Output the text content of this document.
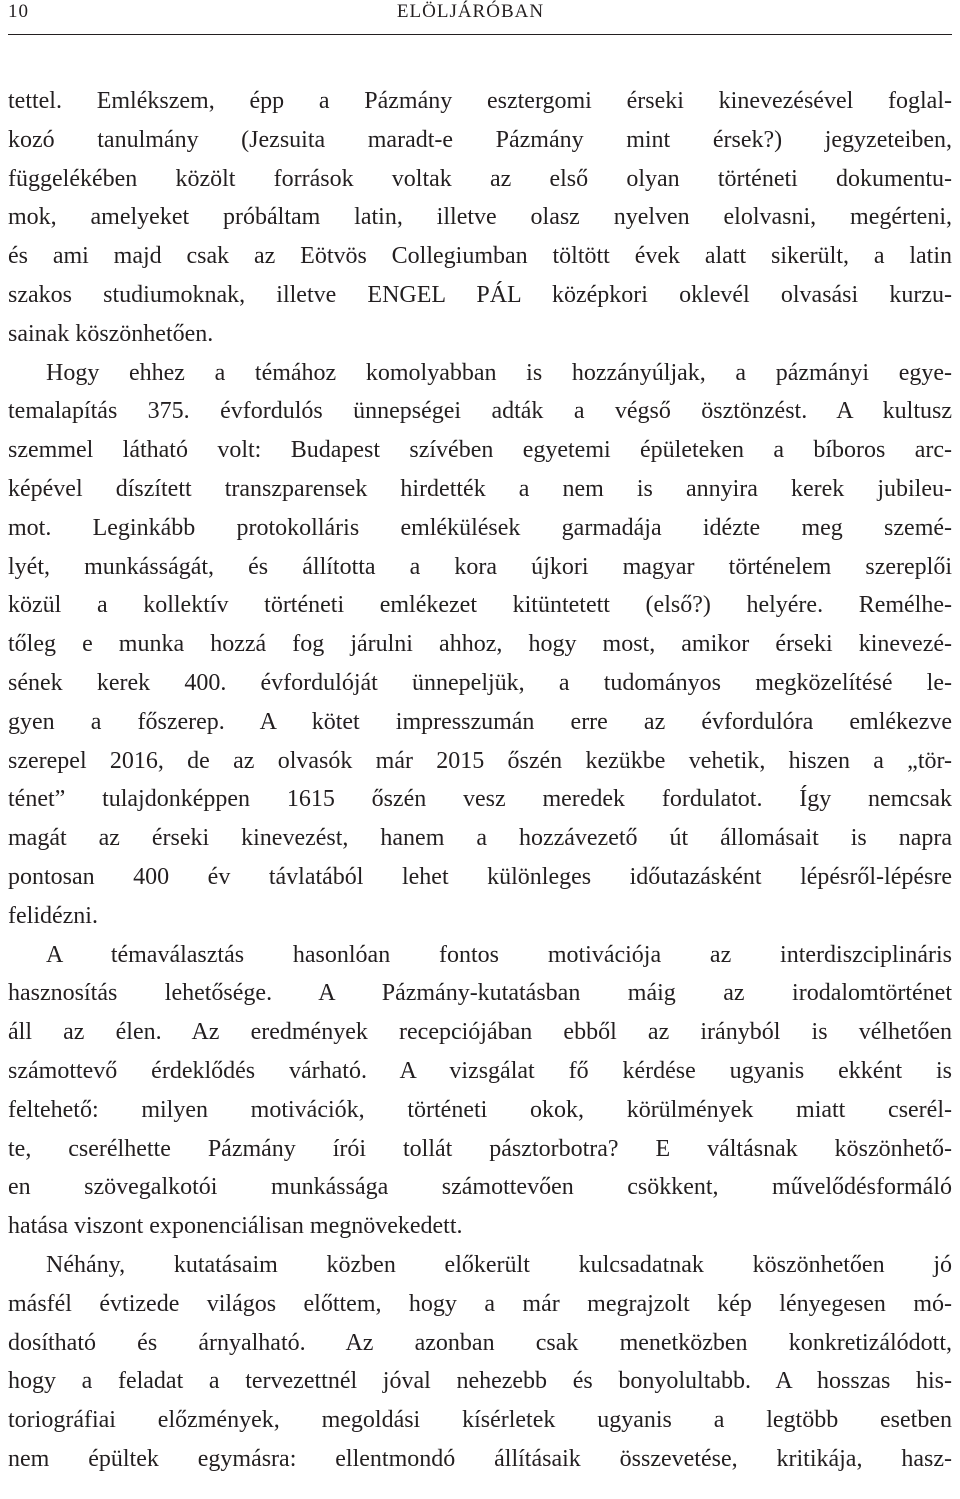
10	ELÖLJÁRÓBAN
tettel. Emlékszem, épp a Pázmány esztergomi érseki kinevezésével foglal-
kozó tanulmány (Jezsuita maradt-e Pázmány mint érsek?) jegyzeteiben,
függelékében közölt források voltak az első olyan történeti dokumentu-
mok, amelyeket próbáltam latin, illetve olasz nyelven elolvasni, megérteni,
és ami majd csak az Eötvös Collegiumban töltött évek alatt sikerült, a latin
szakos studiumoknak, illetve ENGEL PÁL középkori oklevél olvasási kurzu-
sainak köszönhetően.
Hogy ehhez a témához komolyabban is hozzányúljak, a pázmányi egye-
temalapítás 375. évfordulós ünnepségei adták a végső ösztönzést. A kultusz
szemmel látható volt: Budapest szívében egyetemi épületeken a bíboros arc-
képével díszített transzparensek hirdették a nem is annyira kerek jubileu-
mot. Leginkább protokolláris emlékülések garmadája idézte meg szemé-
lyét, munkásságát, és állította a kora újkori magyar történelem szereplői
közül a kollektív történeti emlékezet kitüntetett (első?) helyére. Remélhe-
tőleg e munka hozzá fog járulni ahhoz, hogy most, amikor érseki kinevezé-
sének kerek 400. évfordulóját ünnepeljük, a tudományos megközelítésé le-
gyen a főszerep. A kötet impresszumán erre az évfordulóra emlékezve
szerepel 2016, de az olvasók már 2015 őszén kezükbe vehetik, hiszen a „tör-
ténet” tulajdonképpen 1615 őszén vesz meredek fordulatot. Így nemcsak
magát az érseki kinevezést, hanem a hozzávezető út állomásait is napra
pontosan 400 év távlatából lehet különleges időutazásként lépésről-lépésre
felidézni.
A témaválasztás hasonlóan fontos motivációja az interdiszciplináris
hasznosítás lehetősége. A Pázmány-kutatásban máig az irodalomtörténet
áll az élen. Az eredmények recepciójában ebből az irányból is vélhetően
számottevő érdeklődés várható. A vizsgálat fő kérdése ugyanis ekként is
feltehető: milyen motivációk, történeti okok, körülmények miatt cserél-
te, cserélhette Pázmány írói tollát pásztorbotra? E váltásnak köszönhető-
en szövegalkotói munkássága számottevően csökkent, művelődésformáló
hatása viszont exponenciálisan megnövekedett.
Néhány, kutatásaim közben előkerült kulcsadatnak köszönhetően jó
másfél évtizede világos előttem, hogy a már megrajzolt kép lényegesen mó-
dosítható és árnyalható. Az azonban csak menetközben konkretizálódott,
hogy a feladat a tervezettnél jóval nehezebb és bonyolultabb. A hosszas his-
toriográfiai előzmények, megoldási kísérletek ugyanis a legtöbb esetben
nem épültek egymásra: ellentmondó állításaik összevetése, kritikája, hasz-
